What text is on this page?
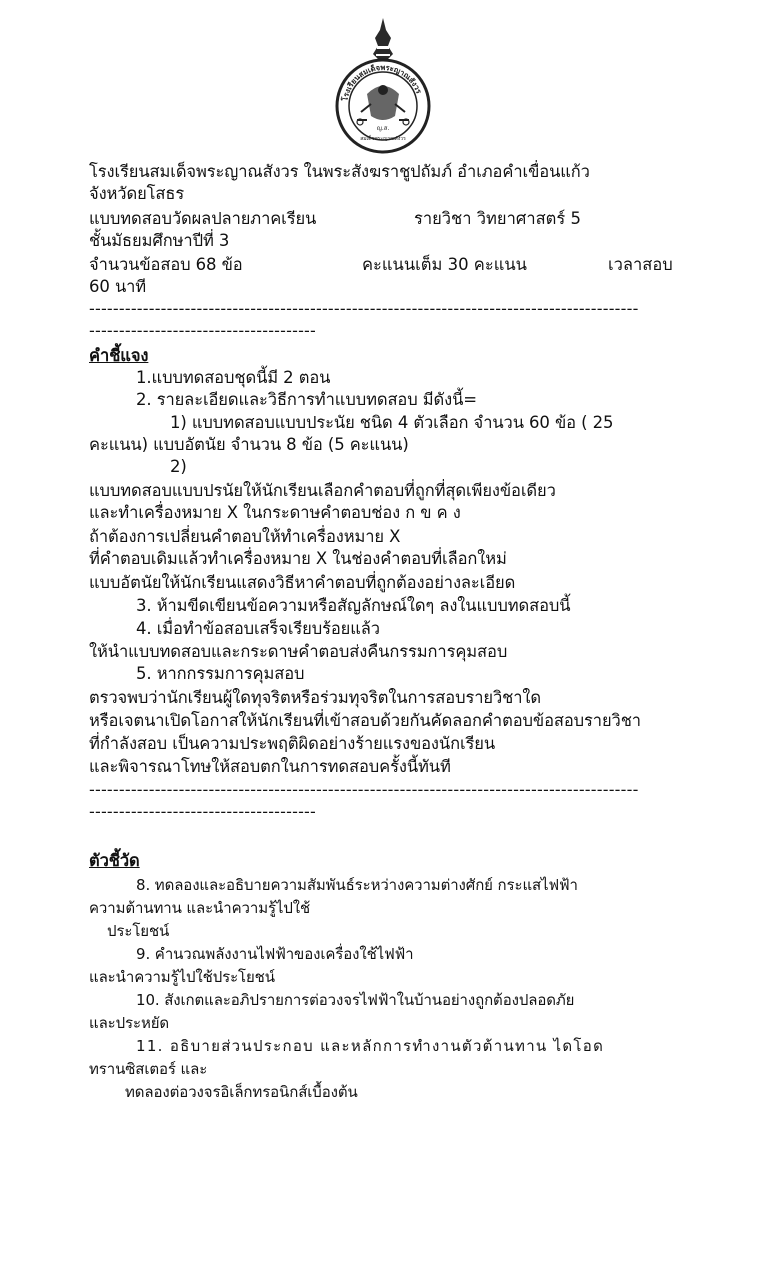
โรงเรียนสมเด็จพระญาณสังวร
ญ.ส.
สมเด็จพระญาณสังวร
โรงเรียนสมเด็จพระญาณสังวร ในพระสังฆราชูปถัมภ์ อำเภอคำเขื่อนแก้ว
จังหวัดยโสธร
แบบทดสอบวัดผลปลายภาคเรียน	รายวิชา วิทยาศาสตร์ 5
ชั้นมัธยมศึกษาปีที่ 3
จำนวนข้อสอบ 68 ข้อ	คะแนนเต็ม 30 คะแนน	เวลาสอบ
60 นาที
--------------------------------------------------------------------------------------------
--------------------------------------
คำชี้แจง
1.แบบทดสอบชุดนี้มี 2 ตอน
2. รายละเอียดและวิธีการทำแบบทดสอบ มีดังนี้=
1) แบบทดสอบแบบประนัย ชนิด 4 ตัวเลือก จำนวน 60 ข้อ ( 25
คะแนน) แบบอัตนัย จำนวน 8 ข้อ (5 คะแนน)
2)
แบบทดสอบแบบปรนัยให้นักเรียนเลือกคำตอบที่ถูกที่สุดเพียงข้อเดียว
และทำเครื่องหมาย X ในกระดาษคำตอบช่อง ก ข ค ง
ถ้าต้องการเปลี่ยนคำตอบให้ทำเครื่องหมาย X
ที่คำตอบเดิมแล้วทำเครื่องหมาย X ในช่องคำตอบที่เลือกใหม่
แบบอัตนัยให้นักเรียนแสดงวิธีหาคำตอบที่ถูกต้องอย่างละเอียด
3. ห้ามขีดเขียนข้อความหรือสัญลักษณ์ใดๆ ลงในแบบทดสอบนี้
4. เมื่อทำข้อสอบเสร็จเรียบร้อยแล้ว
ให้นำแบบทดสอบและกระดาษคำตอบส่งคืนกรรมการคุมสอบ
5. หากกรรมการคุมสอบ
ตรวจพบว่านักเรียนผู้ใดทุจริตหรือร่วมทุจริตในการสอบรายวิชาใด
หรือเจตนาเปิดโอกาสให้นักเรียนที่เข้าสอบด้วยกันคัดลอกคำตอบข้อสอบรายวิชา
ที่กำลังสอบ เป็นความประพฤติผิดอย่างร้ายแรงของนักเรียน
และพิจารณาโทษให้สอบตกในการทดสอบครั้งนี้ทันที
--------------------------------------------------------------------------------------------
--------------------------------------
ตัวชี้วัด
8. ทดลองและอธิบายความสัมพันธ์ระหว่างความต่างศักย์ กระแสไฟฟ้า
ความต้านทาน และนำความรู้ไปใช้
ประโยชน์
9. คำนวณพลังงานไฟฟ้าของเครื่องใช้ไฟฟ้า
และนำความรู้ไปใช้ประโยชน์
10. สังเกตและอภิปรายการต่อวงจรไฟฟ้าในบ้านอย่างถูกต้องปลอดภัย
และประหยัด
11. อธิบายส่วนประกอบ และหลักการทำงานตัวต้านทาน ไดโอด
ทรานซิสเตอร์ และ
ทดลองต่อวงจรอิเล็กทรอนิกส์เบื้องต้น
